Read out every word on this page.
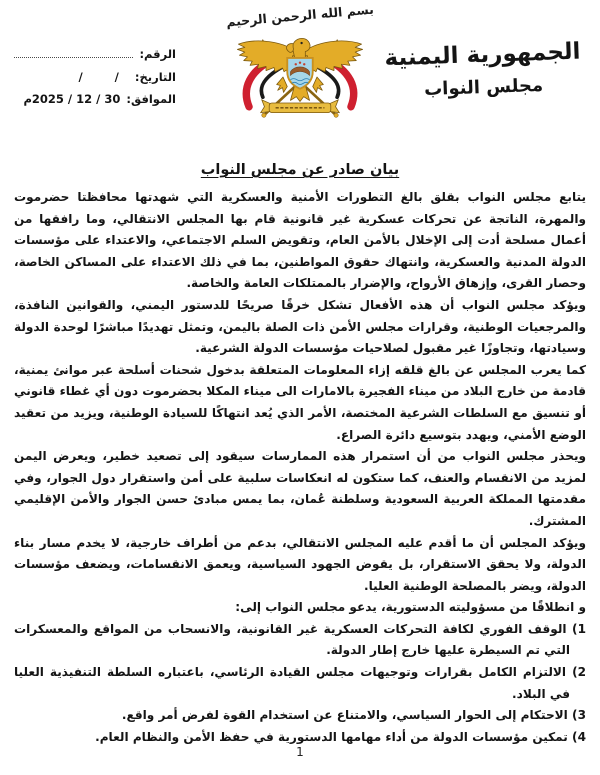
الرقم:
التاريخ:
/        /
الموافق:
30 / 12 / 2025م
بسم الله الرحمن الرحيم
الجمهورية اليمنية
مجلس النواب
بيان صادر عن مجلس النواب

يتابع مجلس النواب بقلق بالغ التطورات الأمنية والعسكرية التي شهدتها محافظتا حضرموت والمهرة، الناتجة عن تحركات عسكرية غير قانونية قام بها المجلس الانتقالي، وما رافقها من أعمال مسلحة أدت إلى الإخلال بالأمن العام، وتقويض السلم الاجتماعي، والاعتداء على مؤسسات الدولة المدنية والعسكرية، وانتهاك حقوق المواطنين، بما في ذلك الاعتداء على المساكن الخاصة، وحصار القرى، وإزهاق الأرواح، والإضرار بالممتلكات العامة والخاصة.

ويؤكد مجلس النواب أن هذه الأفعال تشكل خرقًا صريحًا للدستور اليمني، والقوانين النافذة، والمرجعيات الوطنية، وقرارات مجلس الأمن ذات الصلة باليمن، وتمثل تهديدًا مباشرًا لوحدة الدولة وسيادتها، وتجاوزًا غير مقبول لصلاحيات مؤسسات الدولة الشرعية.

كما يعرب المجلس عن بالغ قلقه إزاء المعلومات المتعلقة بدخول شحنات أسلحة عبر موانئ يمنية، قادمة من خارج البلاد من ميناء الفجيرة بالامارات الى ميناء المكلا بحضرموت دون أي غطاء قانوني أو تنسيق مع السلطات الشرعية المختصة، الأمر الذي يُعد انتهاكًا للسيادة الوطنية، ويزيد من تعقيد الوضع الأمني، ويهدد بتوسيع دائرة الصراع.

ويحذر مجلس النواب من أن استمرار هذه الممارسات سيقود إلى تصعيد خطير، ويعرض اليمن لمزيد من الانقسام والعنف، كما ستكون له انعكاسات سلبية على أمن واستقرار دول الجوار، وفي مقدمتها المملكة العربية السعودية وسلطنة عُمان، بما يمس مبادئ حسن الجوار والأمن الإقليمي المشترك.

ويؤكد المجلس أن ما أقدم عليه المجلس الانتقالي، بدعم من أطراف خارجية، لا يخدم مسار بناء الدولة، ولا يحقق الاستقرار، بل يقوض الجهود السياسية، ويعمق الانقسامات، ويضعف مؤسسات الدولة، ويضر بالمصلحة الوطنية العليا.

و انطلاقًا من مسؤوليته الدستورية، يدعو مجلس النواب إلى:

1) الوقف الفوري لكافة التحركات العسكرية غير القانونية، والانسحاب من المواقع والمعسكرات التي تم السيطرة عليها خارج إطار الدولة.
2) الالتزام الكامل بقرارات وتوجيهات مجلس القيادة الرئاسي، باعتباره السلطة التنفيذية العليا في البلاد.
3) الاحتكام إلى الحوار السياسي، والامتناع عن استخدام القوة لفرض أمر واقع.
4) تمكين مؤسسات الدولة من أداء مهامها الدستورية في حفظ الأمن والنظام العام.
1
